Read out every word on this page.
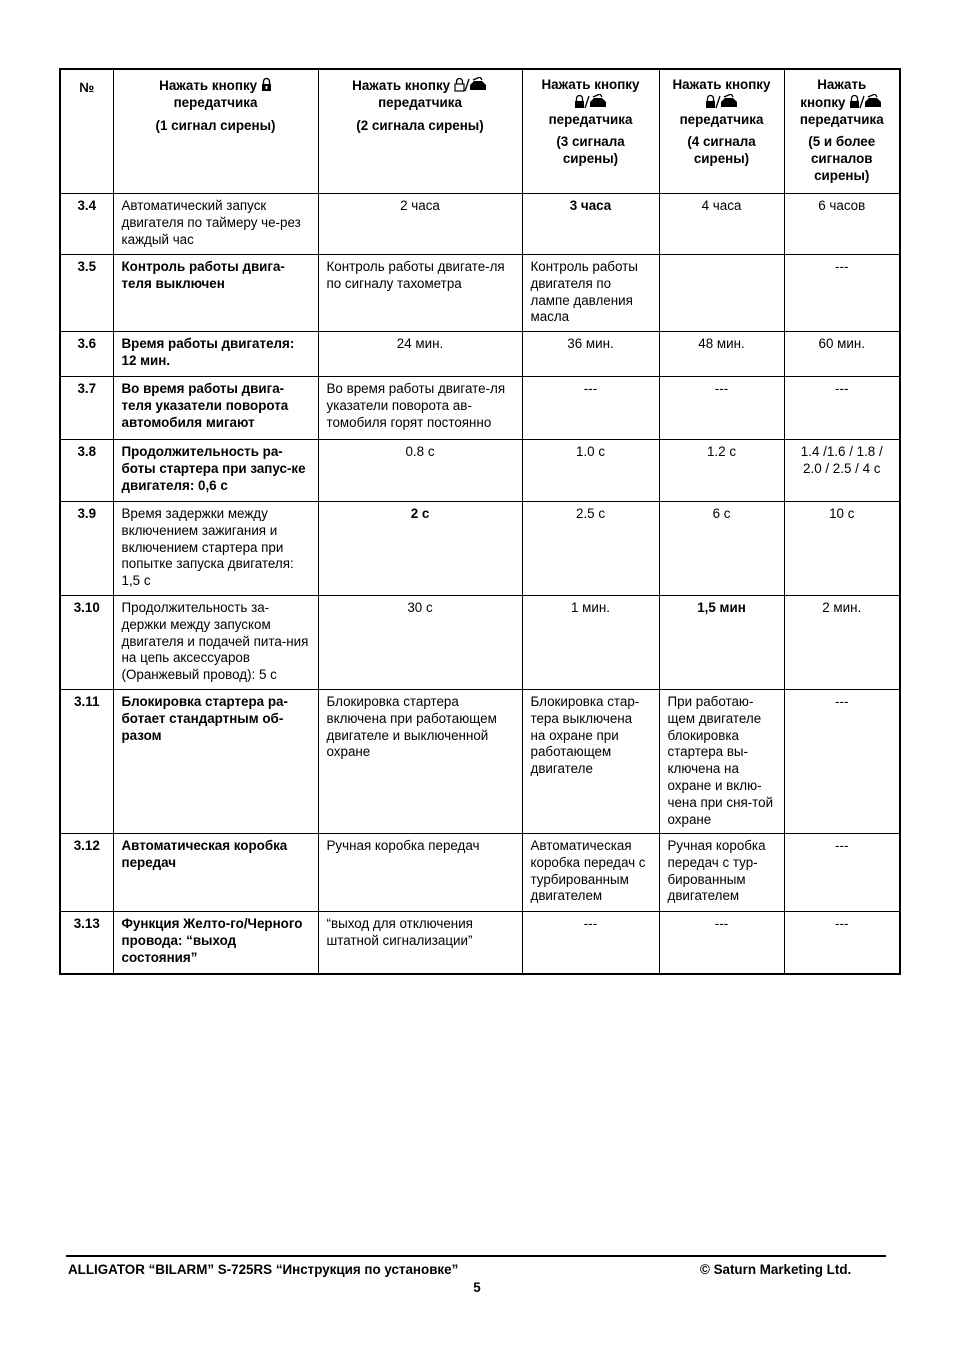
№	Нажать кнопку
передатчика
(1 сигнал сирены)	Нажать кнопку
передатчика
(2 сигнала сирены)	Нажать кнопку
передатчика
(3 сигнала сирены)	Нажать кнопку
передатчика
(4 сигнала сирены)	Нажать
кнопку
передатчика
(5 и более сигналов сирены)

3.4	Автоматический запуск двигателя по таймеру че-рез каждый час	2 часа	3 часа	4 часа	6 часов
3.5	Контроль работы двига-теля выключен	Контроль работы двигате-ля по сигналу тахометра	Контроль работы двигателя по лампе давления масла		---
3.6	Время работы двигателя: 12 мин.	24 мин.	36 мин.	48 мин.	60 мин.
3.7	Во время работы двига-теля указатели поворота автомобиля мигают	Во время работы двигате-ля указатели поворота ав-томобиля горят постоянно	---	---	---
3.8	Продолжительность ра-боты стартера при запус-ке двигателя: 0,6 с	0.8 с	1.0 с	1.2 с	1.4 /1.6 / 1.8 / 2.0 / 2.5 / 4 с
3.9	Время задержки между включением зажигания и включением стартера при попытке запуска двигателя: 1,5 с	2 с	2.5 с	6 с	10 с
3.10	Продолжительность за-держки между запуском двигателя и подачей пита-ния на цепь аксессуаров (Оранжевый провод): 5 с	30 с	1 мин.	1,5 мин	2 мин.
3.11	Блокировка стартера ра-ботает стандартным об-разом	Блокировка стартера включена при работающем двигателе и выключенной охране	Блокировка стар-тера выключена на охране при работающем двигателе	При работаю-щем двигателе блокировка стартера вы-ключена на охране и вклю-чена при сня-той охране	---
3.12	Автоматическая коробка передач	Ручная коробка передач	Автоматическая коробка передач с турбированным двигателем	Ручная коробка передач с тур-бированным двигателем	---
3.13	Функция Желто-го/Черного провода: “выход состояния”	“выход для отключения штатной сигнализации”	---	---	---
ALLIGATOR “BILARM” S-725RS “Инструкция по установке”	© Saturn Marketing Ltd.
5
